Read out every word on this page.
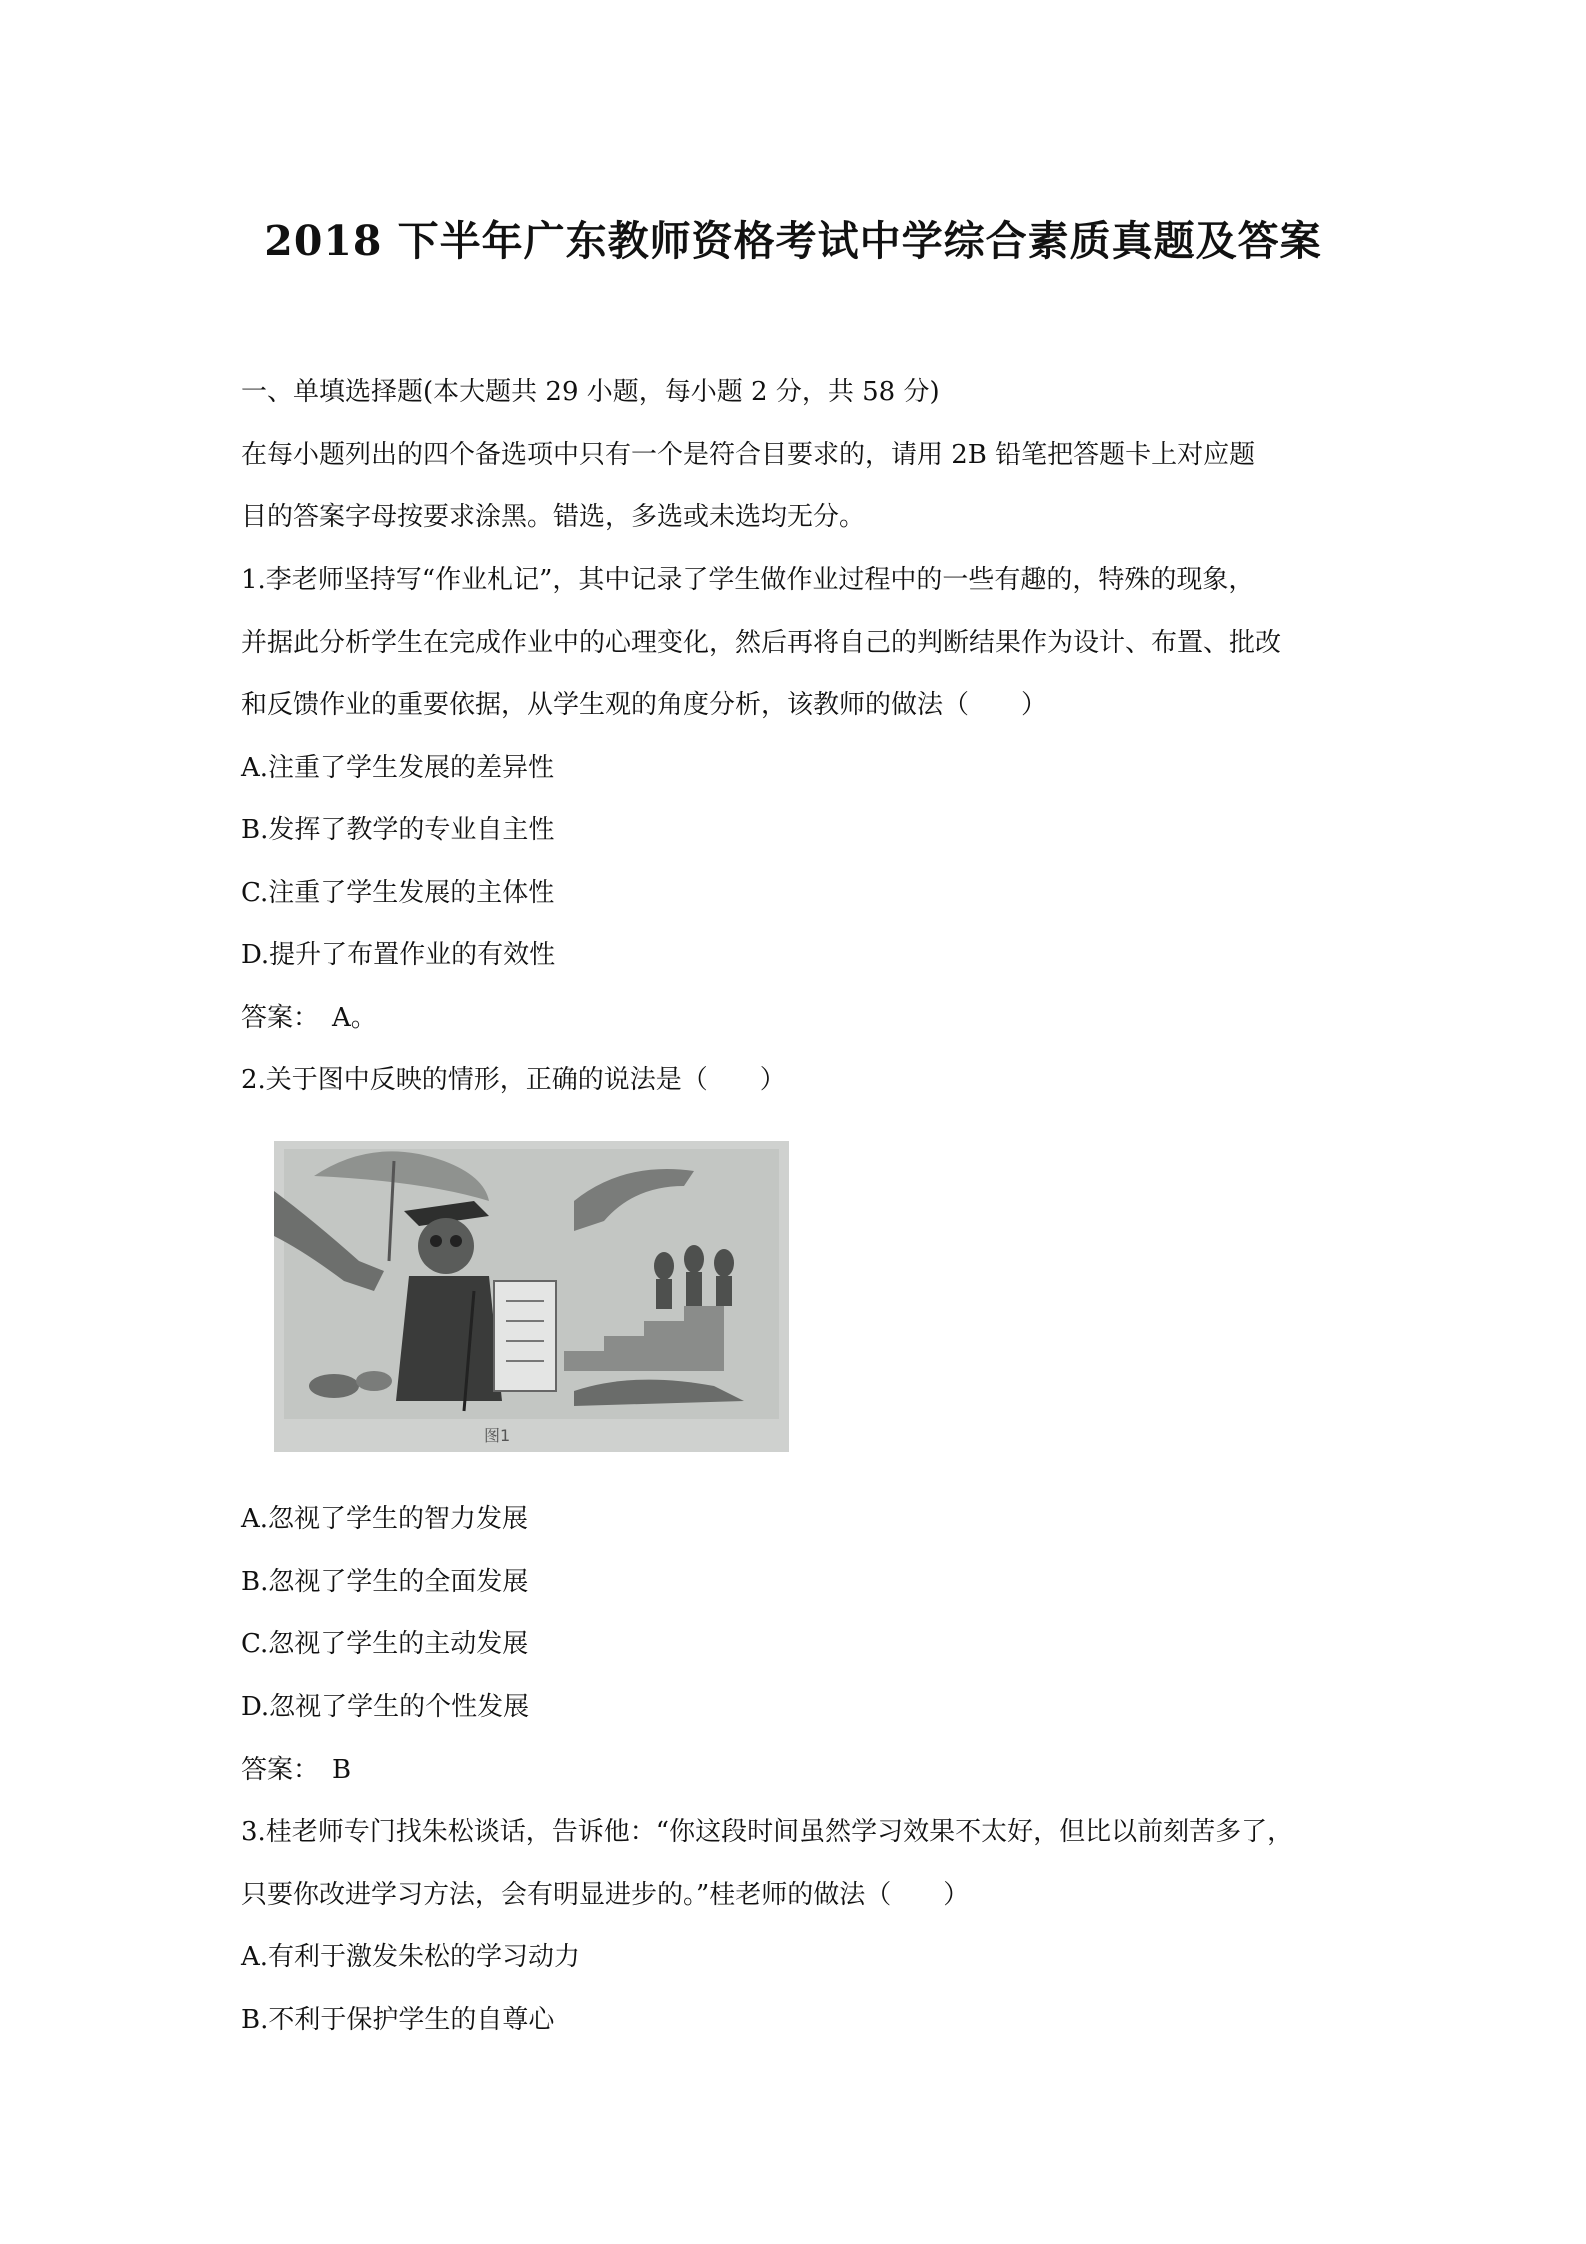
2018 下半年广东教师资格考试中学综合素质真题及答案
一、单填选择题(本大题共 29 小题，每小题 2 分，共 58 分)
在每小题列出的四个备选项中只有一个是符合目要求的，请用 2B 铅笔把答题卡上对应题
目的答案字母按要求涂黑。错选，多选或未选均无分。
1.李老师坚持写“作业札记”，其中记录了学生做作业过程中的一些有趣的，特殊的现象，
并据此分析学生在完成作业中的心理变化，然后再将自己的判断结果作为设计、布置、批改
和反馈作业的重要依据，从学生观的角度分析，该教师的做法（　　）
A.注重了学生发展的差异性
B.发挥了教学的专业自主性
C.注重了学生发展的主体性
D.提升了布置作业的有效性
答案：　A。
2.关于图中反映的情形，正确的说法是（　　）
图1
A.忽视了学生的智力发展
B.忽视了学生的全面发展
C.忽视了学生的主动发展
D.忽视了学生的个性发展
答案：　B
3.桂老师专门找朱松谈话，告诉他：“你这段时间虽然学习效果不太好，但比以前刻苦多了，
只要你改进学习方法，会有明显进步的。”桂老师的做法（　　）
A.有利于激发朱松的学习动力
B.不利于保护学生的自尊心
